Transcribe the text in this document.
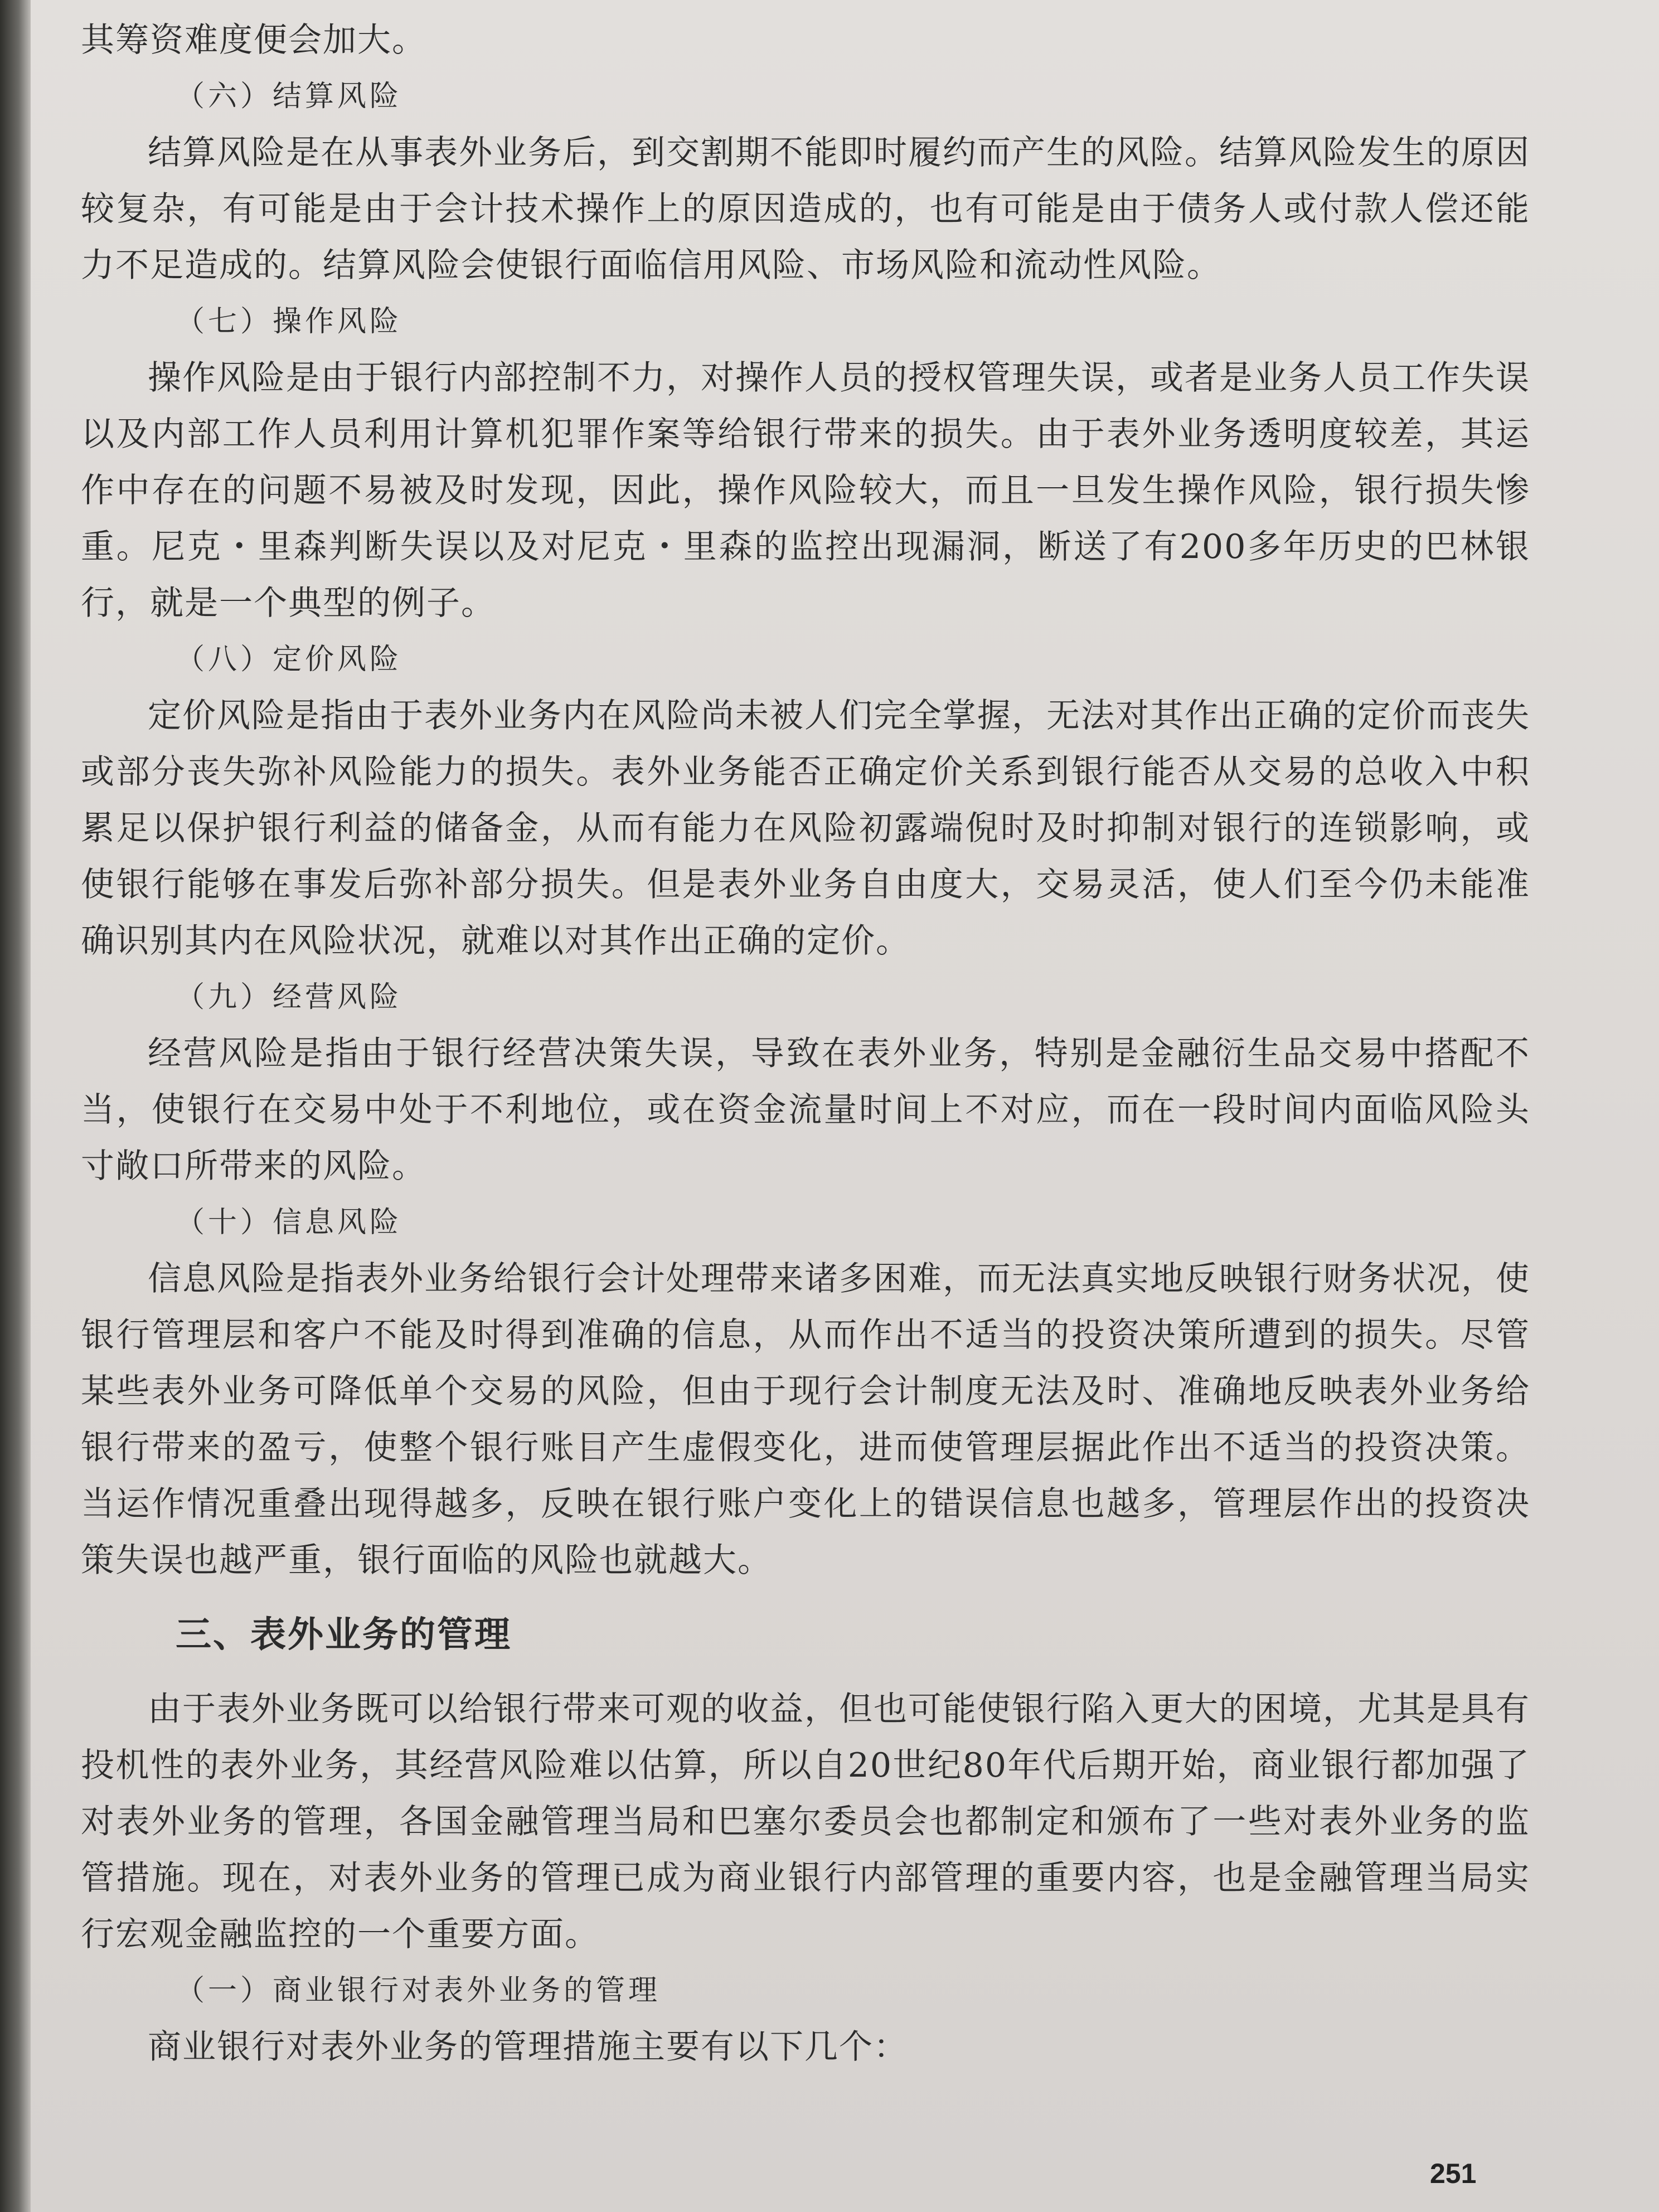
其筹资难度便会加大。

（六）结算风险

结算风险是在从事表外业务后，到交割期不能即时履约而产生的风险。结算风险发生的原因较复杂，有可能是由于会计技术操作上的原因造成的，也有可能是由于债务人或付款人偿还能力不足造成的。结算风险会使银行面临信用风险、市场风险和流动性风险。

（七）操作风险

操作风险是由于银行内部控制不力，对操作人员的授权管理失误，或者是业务人员工作失误以及内部工作人员利用计算机犯罪作案等给银行带来的损失。由于表外业务透明度较差，其运作中存在的问题不易被及时发现，因此，操作风险较大，而且一旦发生操作风险，银行损失惨重。尼克・里森判断失误以及对尼克・里森的监控出现漏洞，断送了有200多年历史的巴林银行，就是一个典型的例子。

（八）定价风险

定价风险是指由于表外业务内在风险尚未被人们完全掌握，无法对其作出正确的定价而丧失或部分丧失弥补风险能力的损失。表外业务能否正确定价关系到银行能否从交易的总收入中积累足以保护银行利益的储备金，从而有能力在风险初露端倪时及时抑制对银行的连锁影响，或使银行能够在事发后弥补部分损失。但是表外业务自由度大，交易灵活，使人们至今仍未能准确识别其内在风险状况，就难以对其作出正确的定价。

（九）经营风险

经营风险是指由于银行经营决策失误，导致在表外业务，特别是金融衍生品交易中搭配不当，使银行在交易中处于不利地位，或在资金流量时间上不对应，而在一段时间内面临风险头寸敞口所带来的风险。

（十）信息风险

信息风险是指表外业务给银行会计处理带来诸多困难，而无法真实地反映银行财务状况，使银行管理层和客户不能及时得到准确的信息，从而作出不适当的投资决策所遭到的损失。尽管某些表外业务可降低单个交易的风险，但由于现行会计制度无法及时、准确地反映表外业务给银行带来的盈亏，使整个银行账目产生虚假变化，进而使管理层据此作出不适当的投资决策。当运作情况重叠出现得越多，反映在银行账户变化上的错误信息也越多，管理层作出的投资决策失误也越严重，银行面临的风险也就越大。

三、表外业务的管理

由于表外业务既可以给银行带来可观的收益，但也可能使银行陷入更大的困境，尤其是具有投机性的表外业务，其经营风险难以估算，所以自20世纪80年代后期开始，商业银行都加强了对表外业务的管理，各国金融管理当局和巴塞尔委员会也都制定和颁布了一些对表外业务的监管措施。现在，对表外业务的管理已成为商业银行内部管理的重要内容，也是金融管理当局实行宏观金融监控的一个重要方面。

（一）商业银行对表外业务的管理

商业银行对表外业务的管理措施主要有以下几个：

251
